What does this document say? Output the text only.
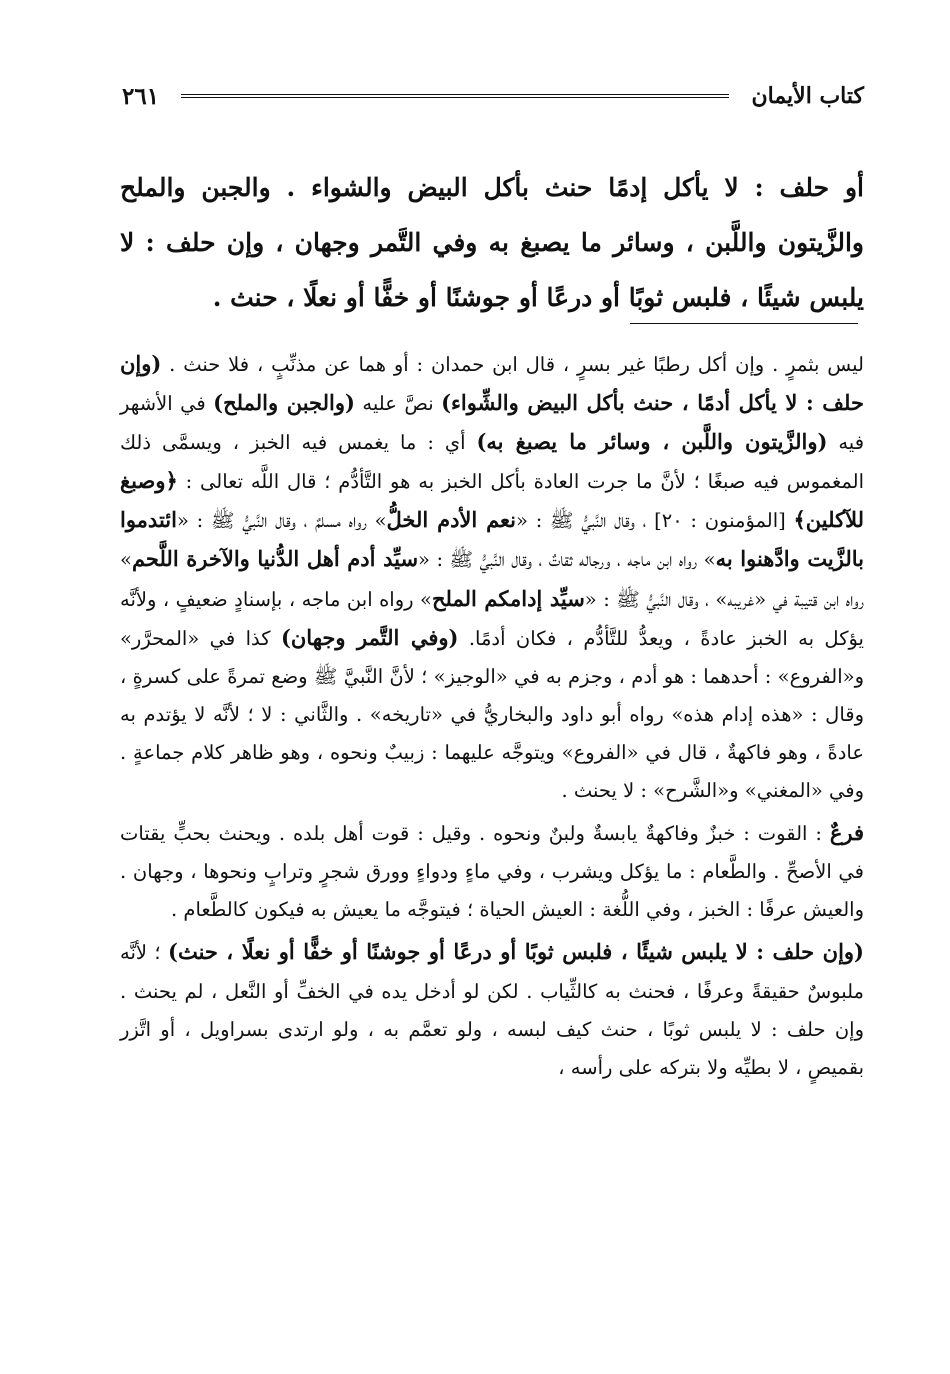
كتاب الأيمان
٢٦١

أو حلف : لا يأكل إدمًا حنث بأكل البيض والشواء . والجبن والملح والزَّيتون واللَّبن ، وسائر ما يصبغ به وفي التَّمر وجهان ، وإن حلف : لا يلبس شيئًا ، فلبس ثوبًا أو درعًا أو جوشنًا أو خفًّا أو نعلًا ، حنث .

ليس بثمرٍ . وإن أكل رطبًا غير بسرٍ ، قال ابن حمدان : أو هما عن مذنِّبٍ ، فلا حنث . (وإن حلف : لا يأكل أدمًا ، حنث بأكل البيض والشِّواء) نصَّ عليه (والجبن والملح) في الأشهر فيه (والزَّيتون واللَّبن ، وسائر ما يصبغ به) أي : ما يغمس فيه الخبز ، ويسمَّى ذلك المغموس فيه صبغًا ؛ لأنَّ ما جرت العادة بأكل الخبز به هو التَّأدُّم ؛ قال اللَّه تعالى : ﴿وصبغ للآكلين﴾ [المؤمنون : ٢٠] ، وقال النَّبيُّ ﷺ : «نعم الأدم الخلُّ» رواه مسلمٌ ، وقال النَّبيُّ ﷺ : «ائتدموا بالزَّيت وادَّهنوا به» رواه ابن ماجه ، ورجاله ثقاتٌ ، وقال النَّبيُّ ﷺ : «سيِّد أدم أهل الدُّنيا والآخرة اللَّحم» رواه ابن قتيبة في «غريبه» ، وقال النَّبيُّ ﷺ : «سيِّد إدامكم الملح» رواه ابن ماجه ، بإسنادٍ ضعيفٍ ، ولأنَّه يؤكل به الخبز عادةً ، ويعدُّ للتَّأدُّم ، فكان أدمًا. (وفي التَّمر وجهان) كذا في «المحرَّر» و«الفروع» : أحدهما : هو أدم ، وجزم به في «الوجيز» ؛ لأنَّ النَّبيَّ ﷺ وضع تمرةً على كسرةٍ ، وقال : «هذه إدام هذه» رواه أبو داود والبخاريُّ في «تاريخه» . والثَّاني : لا ؛ لأنَّه لا يؤتدم به عادةً ، وهو فاكهةٌ ، قال في «الفروع» ويتوجَّه عليهما : زبيبٌ ونحوه ، وهو ظاهر كلام جماعةٍ . وفي «المغني» و«الشَّرح» : لا يحنث .

فرعٌ : القوت : خبزٌ وفاكهةٌ يابسةٌ ولبنٌ ونحوه . وقيل : قوت أهل بلده . ويحنث بحبٍّ يقتات في الأصحِّ . والطَّعام : ما يؤكل ويشرب ، وفي ماءٍ ودواءٍ وورق شجرٍ وترابٍ ونحوها ، وجهان . والعيش عرفًا : الخبز ، وفي اللُّغة : العيش الحياة ؛ فيتوجَّه ما يعيش به فيكون كالطَّعام .

(وإن حلف : لا يلبس شيئًا ، فلبس ثوبًا أو درعًا أو جوشنًا أو خفًّا أو نعلًا ، حنث) ؛ لأنَّه ملبوسٌ حقيقةً وعرفًا ، فحنث به كالثِّياب . لكن لو أدخل يده في الخفِّ أو النَّعل ، لم يحنث . وإن حلف : لا يلبس ثوبًا ، حنث كيف لبسه ، ولو تعمَّم به ، ولو ارتدى بسراويل ، أو اتَّزر بقميصٍ ، لا بطيِّه ولا بتركه على رأسه ،
